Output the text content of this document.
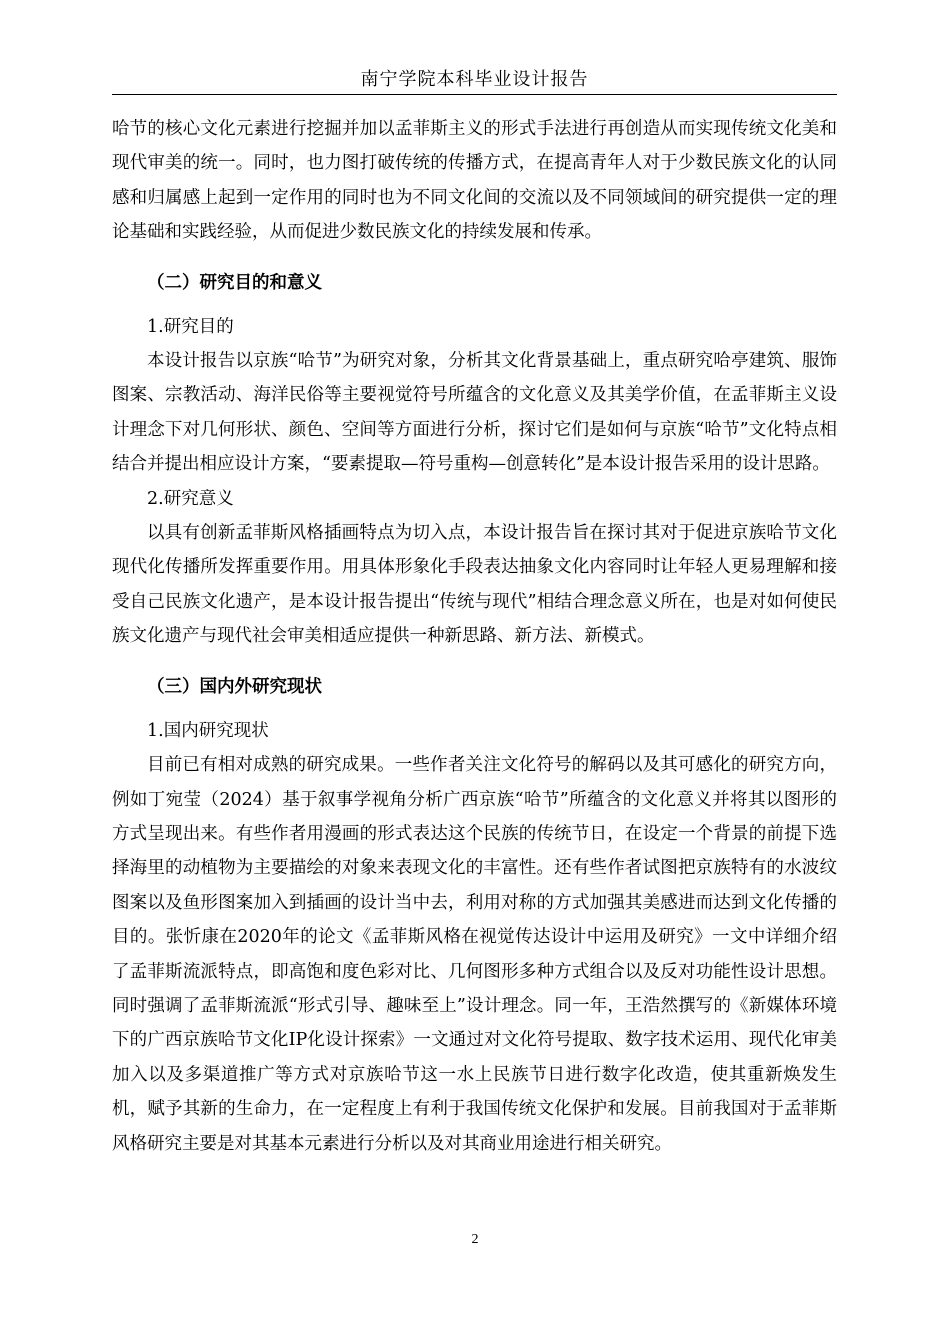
南宁学院本科毕业设计报告

哈节的核心文化元素进行挖掘并加以孟菲斯主义的形式手法进行再创造从而实现传统文化美和现代审美的统一。同时，也力图打破传统的传播方式，在提高青年人对于少数民族文化的认同感和归属感上起到一定作用的同时也为不同文化间的交流以及不同领域间的研究提供一定的理论基础和实践经验，从而促进少数民族文化的持续发展和传承。

（二）研究目的和意义
1.研究目的

本设计报告以京族“哈节”为研究对象，分析其文化背景基础上，重点研究哈亭建筑、服饰图案、宗教活动、海洋民俗等主要视觉符号所蕴含的文化意义及其美学价值，在孟菲斯主义设计理念下对几何形状、颜色、空间等方面进行分析，探讨它们是如何与京族“哈节”文化特点相结合并提出相应设计方案，“要素提取—符号重构—创意转化”是本设计报告采用的设计思路。

2.研究意义

以具有创新孟菲斯风格插画特点为切入点，本设计报告旨在探讨其对于促进京族哈节文化现代化传播所发挥重要作用。用具体形象化手段表达抽象文化内容同时让年轻人更易理解和接受自己民族文化遗产，是本设计报告提出“传统与现代”相结合理念意义所在，也是对如何使民族文化遗产与现代社会审美相适应提供一种新思路、新方法、新模式。

（三）国内外研究现状
1.国内研究现状

目前已有相对成熟的研究成果。一些作者关注文化符号的解码以及其可感化的研究方向，例如丁宛莹（2024）基于叙事学视角分析广西京族“哈节”所蕴含的文化意义并将其以图形的方式呈现出来。有些作者用漫画的形式表达这个民族的传统节日，在设定一个背景的前提下选择海里的动植物为主要描绘的对象来表现文化的丰富性。还有些作者试图把京族特有的水波纹图案以及鱼形图案加入到插画的设计当中去，利用对称的方式加强其美感进而达到文化传播的目的。张忻康在2020年的论文《孟菲斯风格在视觉传达设计中运用及研究》一文中详细介绍了孟菲斯流派特点，即高饱和度色彩对比、几何图形多种方式组合以及反对功能性设计思想。同时强调了孟菲斯流派“形式引导、趣味至上”设计理念。同一年，王浩然撰写的《新媒体环境下的广西京族哈节文化IP化设计探索》一文通过对文化符号提取、数字技术运用、现代化审美加入以及多渠道推广等方式对京族哈节这一水上民族节日进行数字化改造，使其重新焕发生机，赋予其新的生命力，在一定程度上有利于我国传统文化保护和发展。目前我国对于孟菲斯风格研究主要是对其基本元素进行分析以及对其商业用途进行相关研究。

2
